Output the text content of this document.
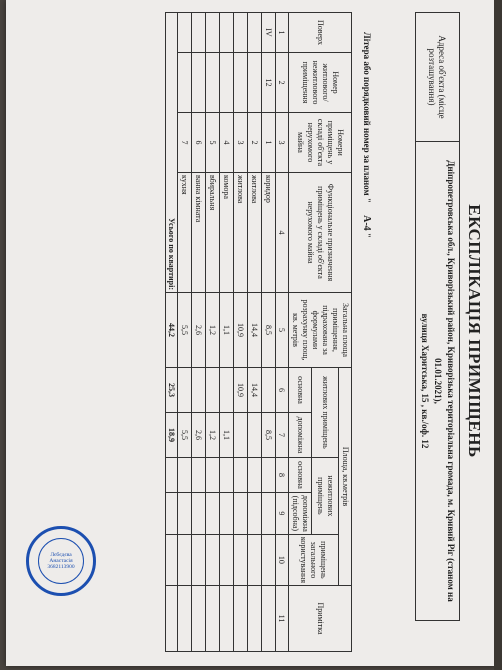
ЕКСПЛІКАЦІЯ ПРИМІЩЕНЬ
Адреса об'єкта (місце розташування)	
Дніпропетровська обл., Криворізький район, Криворізька територіальна громада, м. Кривий Ріг (станом на 01.01.2021),
вулиця Харитська, 15 , кв./оф. 12
Літера або порядковий номер за планом " А-4 "
Поверх	Номер житлового/ нежитлового приміщення	Номери приміщень у складі об'єкта нерухомого майна	Функціональне призначення приміщень у складі об'єкта нерухомого майна	Загальна площа приміщення, підрахована за формулами розрахунку площ, кв. метрів	Площа, кв.метрів					Примітка
					житлових приміщень		нежитлових приміщень		приміщень загального користування	
					основна	допоміжна	основна	допоміжна (підсобна)		
1	2	3	4	5	6	7	8	9	10	11
IV	12	1	коридор	8,5		8,5				
		2	житлова	14,4	14,4					
		3	житлова	10,9	10,9					
		4	комора	1,1		1,1				
		5	вбиральня	1,2		1,2				
		6	ванна кімната	2,6		2,6				
		7	кухня	5,5		5,5				
Усього по квартирі:				44,2	25,3	18,9				
Лєбєдєва Анастасія 3682113900
